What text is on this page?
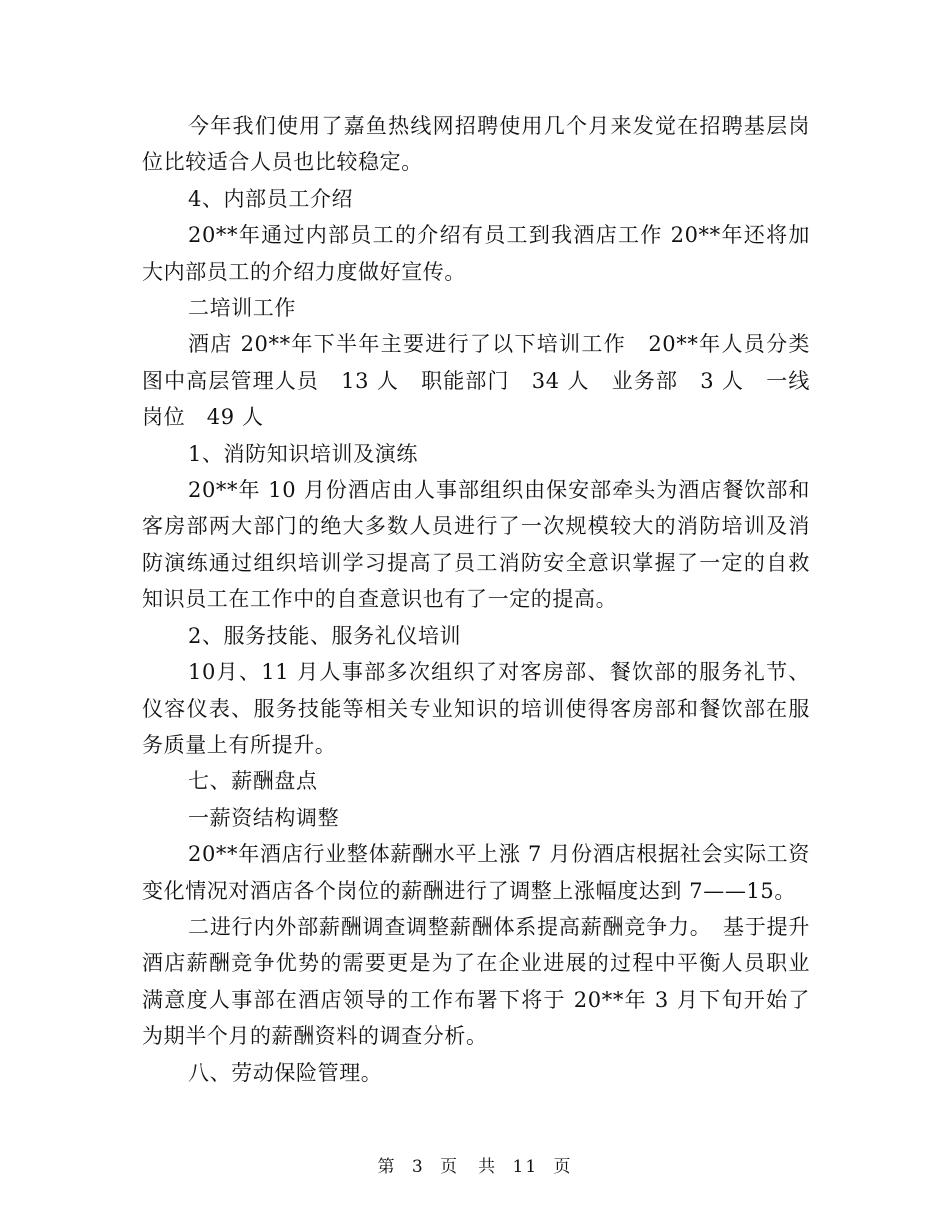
今年我们使用了嘉鱼热线网招聘使用几个月来发觉在招聘基层岗位比较适合人员也比较稳定。

4、内部员工介绍

20**年通过内部员工的介绍有员工到我酒店工作 20**年还将加大内部员工的介绍力度做好宣传。

二培训工作

酒店 20**年下半年主要进行了以下培训工作　20**年人员分类图中高层管理人员　13 人　职能部门　34 人　业务部　3 人　一线岗位　49 人

1、消防知识培训及演练

20**年 10 月份酒店由人事部组织由保安部牵头为酒店餐饮部和客房部两大部门的绝大多数人员进行了一次规模较大的消防培训及消防演练通过组织培训学习提高了员工消防安全意识掌握了一定的自救知识员工在工作中的自查意识也有了一定的提高。

2、服务技能、服务礼仪培训

10月、11 月人事部多次组织了对客房部、餐饮部的服务礼节、仪容仪表、服务技能等相关专业知识的培训使得客房部和餐饮部在服务质量上有所提升。

七、薪酬盘点

一薪资结构调整

20**年酒店行业整体薪酬水平上涨 7 月份酒店根据社会实际工资变化情况对酒店各个岗位的薪酬进行了调整上涨幅度达到 7——15。

二进行内外部薪酬调查调整薪酬体系提高薪酬竞争力。　基于提升酒店薪酬竞争优势的需要更是为了在企业进展的过程中平衡人员职业满意度人事部在酒店领导的工作布署下将于 20**年 3 月下旬开始了为期半个月的薪酬资料的调查分析。

八、劳动保险管理。

第 3 页　共 11 页
